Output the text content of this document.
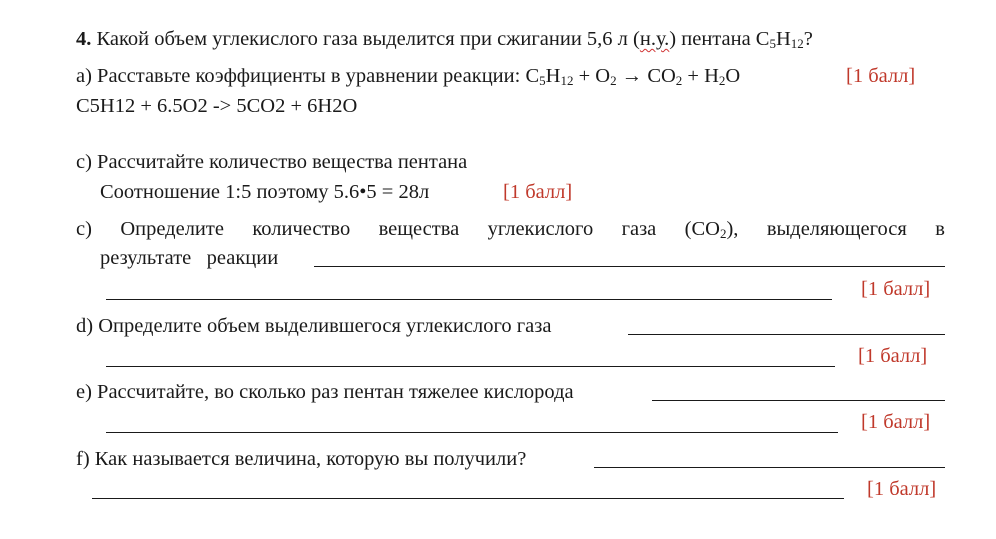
4. Какой объем углекислого газа выделится при сжигании 5,6 л (н.у.) пентана $C_5H_{12}$?
a) Расставьте коэффициенты в уравнении реакции: $C_5H_{12} + O_2 \to CO_2 + H_2O$	[1 балл]
C5H12 + 6.5O2 -> 5CO2 + 6H2O
c) Рассчитайте количество вещества пентана
Соотношение 1:5 поэтому 5.6•5 = 28л	[1 балл]
c) Определите количество вещества углекислого газа $(CO_2)$, выделяющегося в
результате   реакции
[1 балл]
d) Определите объем выделившегося углекислого газа
[1 балл]
e) Рассчитайте, во сколько раз пентан тяжелее кислорода
[1 балл]
f) Как называется величина, которую вы получили?
[1 балл]
